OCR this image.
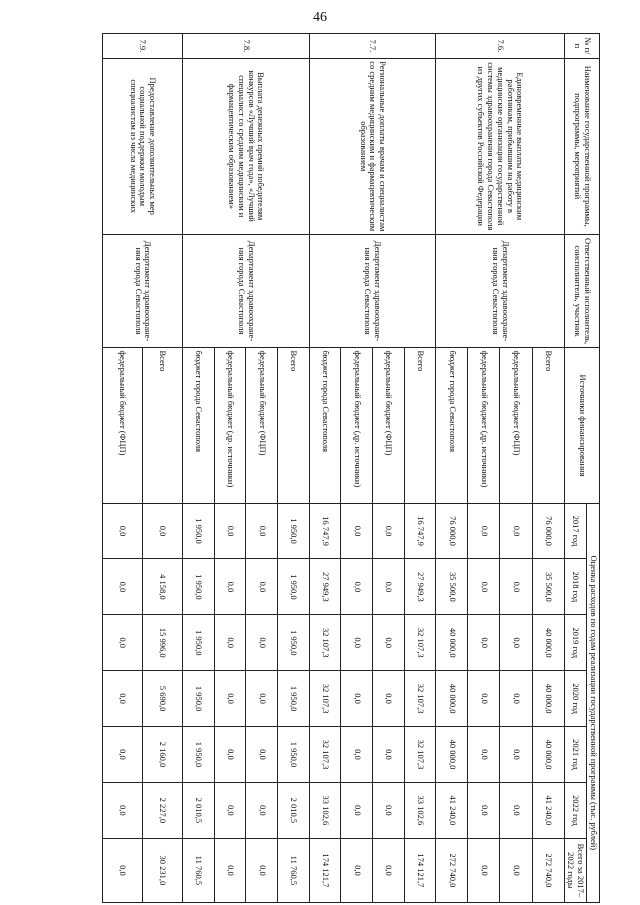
46
№ п/п	Наименование государственной программы, подпрограммы, мероприятий	Ответственный исполнитель, соисполнитель, участник	Источники финансирования	Оценка расходов по годам реализации государственной программы (тыс. рублей)						
				2017 год	2018 год	2019 год	2020 год	2021 год	2022 год	Всего за 2017–2022 годы
7.6.	Единовременные выплаты медицинским работникам, прибывшим на работу в медицинские организации государственной системы здравоохранения города Севастополя из других субъектов Российской Федерации	Департамент здравоохране-ния города Севастополя	Всего	76 000,0	35 500,0	40 000,0	40 000,0	40 000,0	41 240,0	272 740,0
			федеральный бюджет (ФЦП)	0,0	0,0	0,0	0,0	0,0	0,0	0,0
			федеральный бюджет (др. источники)	0,0	0,0	0,0	0,0	0,0	0,0	0,0
			бюджет города Севастополя	76 000,0	35 500,0	40 000,0	40 000,0	40 000,0	41 240,0	272 740,0
7.7.	Региональные доплаты врачам и специалистам со средним медицинским и фармацевтическим образованием	Департамент здравоохране-ния города Севастополя	Всего	16 747,9	27 949,3	32 107,3	32 107,3	32 107,3	33 102,6	174 121,7
			федеральный бюджет (ФЦП)	0,0	0,0	0,0	0,0	0,0	0,0	0,0
			федеральный бюджет (др. источники)	0,0	0,0	0,0	0,0	0,0	0,0	0,0
			бюджет города Севастополя	16 747,9	27 949,3	32 107,3	32 107,3	32 107,3	33 102,6	174 121,7
7.8.	Выплата денежных премий победителям конкурсов «Лучший врач года», «Лучший специалист со средним медицинским и фармацевтическим образованием»	Департамент здравоохране-ния города Севастополя	Всего	1 950,0	1 950,0	1 950,0	1 950,0	1 950,0	2 010,5	11 760,5
			федеральный бюджет (ФЦП)	0,0	0,0	0,0	0,0	0,0	0,0	0,0
			федеральный бюджет (др. источники)	0,0	0,0	0,0	0,0	0,0	0,0	0,0
			бюджет города Севастополя	1 950,0	1 950,0	1 950,0	1 950,0	1 950,0	2 010,5	11 760,5
7.9.	Предоставление дополнительных мер социальной поддержки молодым специалистам из числа медицинских	Департамент здравоохране-ния города Севастополя	Всего	0,0	4 158,0	15 996,0	5 690,0	2 160,0	2 227,0	30 231,0
			федеральный бюджет (ФЦП)	0,0	0,0	0,0	0,0	0,0	0,0	0,0
